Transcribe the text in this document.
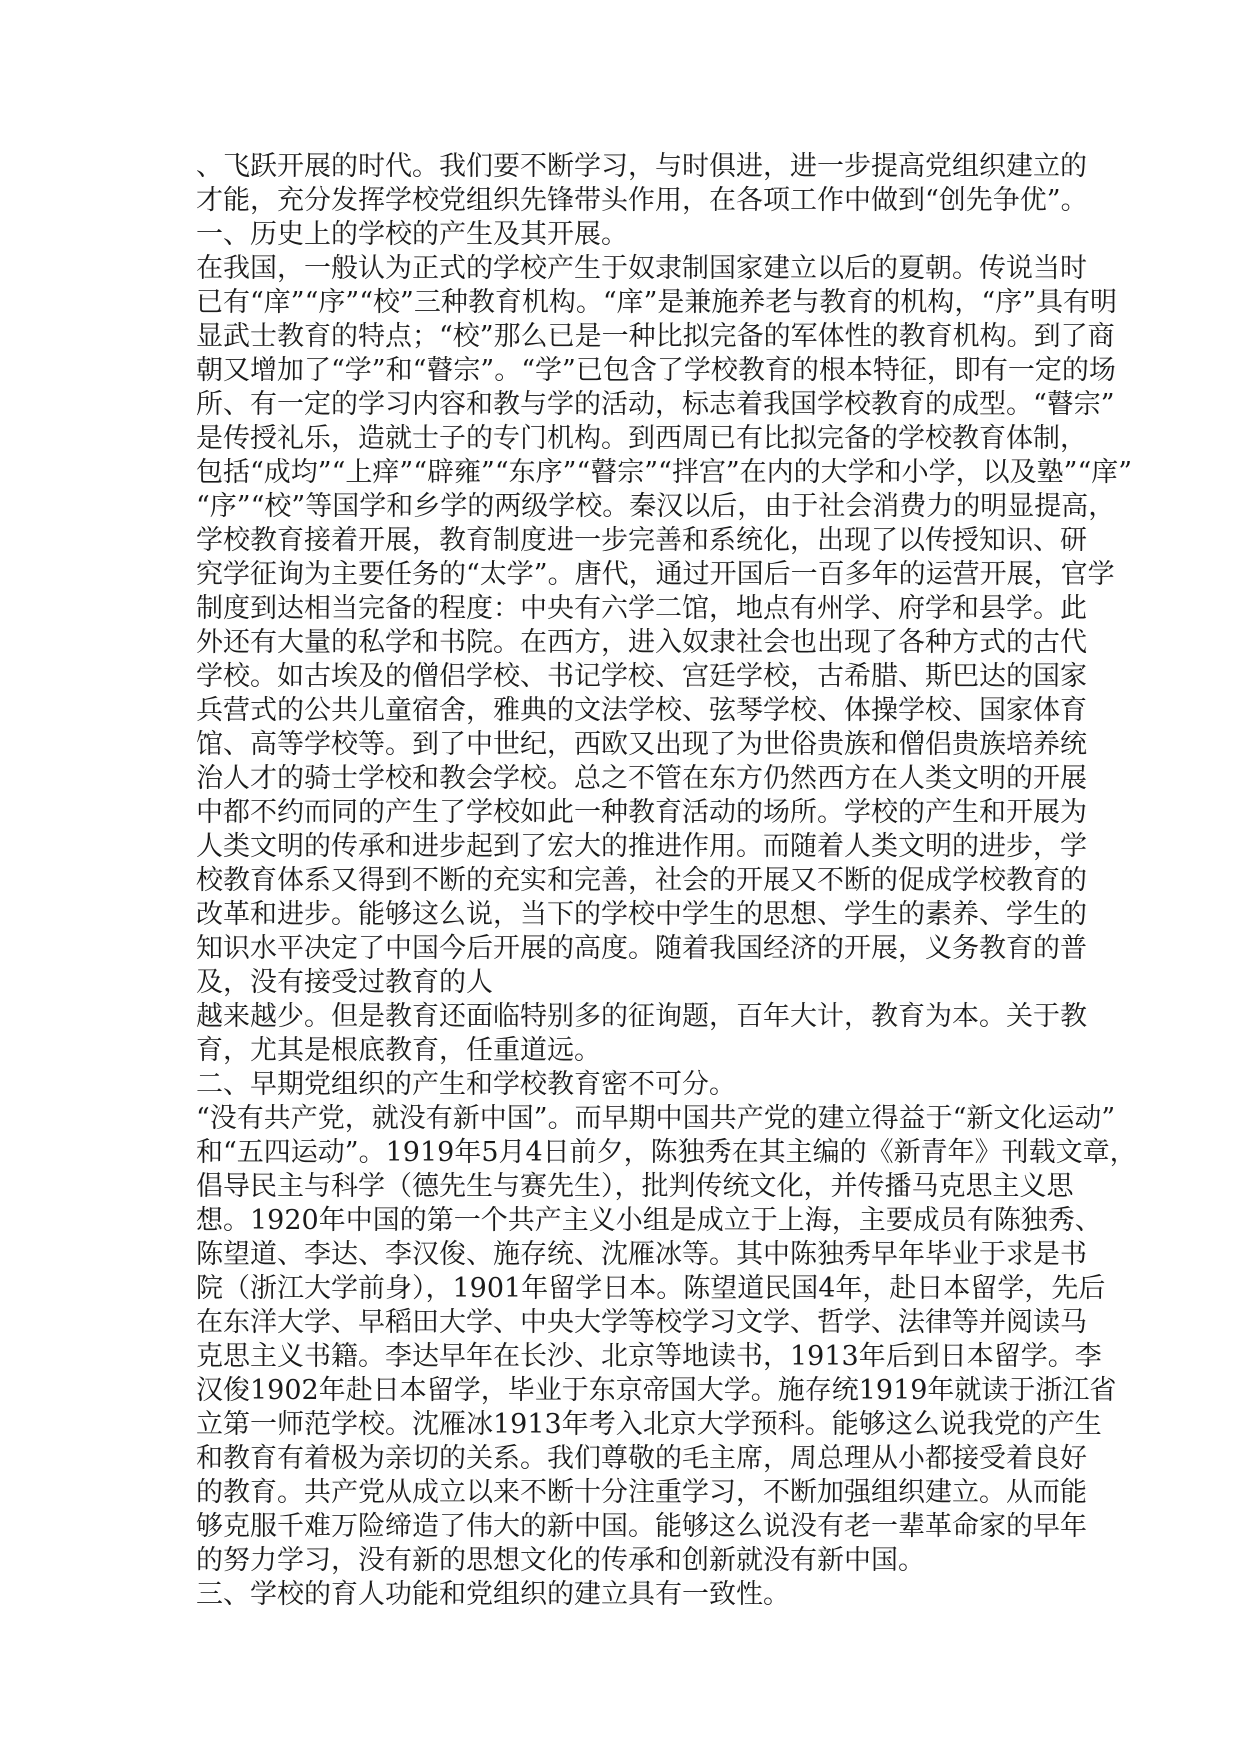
、飞跃开展的时代。我们要不断学习，与时俱进，进一步提高党组织建立的
才能，充分发挥学校党组织先锋带头作用，在各项工作中做到“创先争优”。
一、历史上的学校的产生及其开展。
在我国，一般认为正式的学校产生于奴隶制国家建立以后的夏朝。传说当时
已有“庠”“序”“校”三种教育机构。“庠”是兼施养老与教育的机构，“序”具有明
显武士教育的特点；“校”那么已是一种比拟完备的军体性的教育机构。到了商
朝又增加了“学”和“瞽宗”。“学”已包含了学校教育的根本特征，即有一定的场
所、有一定的学习内容和教与学的活动，标志着我国学校教育的成型。“瞽宗”
是传授礼乐，造就士子的专门机构。到西周已有比拟完备的学校教育体制，
包括“成均”“上痒”“辟雍”“东序”“瞽宗”“拌宫”在内的大学和小学，以及塾”“庠”
“序”“校”等国学和乡学的两级学校。秦汉以后，由于社会消费力的明显提高，
学校教育接着开展，教育制度进一步完善和系统化，出现了以传授知识、研
究学征询为主要任务的“太学”。唐代，通过开国后一百多年的运营开展，官学
制度到达相当完备的程度：中央有六学二馆，地点有州学、府学和县学。此
外还有大量的私学和书院。在西方，进入奴隶社会也出现了各种方式的古代
学校。如古埃及的僧侣学校、书记学校、宫廷学校，古希腊、斯巴达的国家
兵营式的公共儿童宿舍，雅典的文法学校、弦琴学校、体操学校、国家体育
馆、高等学校等。到了中世纪，西欧又出现了为世俗贵族和僧侣贵族培养统
治人才的骑士学校和教会学校。总之不管在东方仍然西方在人类文明的开展
中都不约而同的产生了学校如此一种教育活动的场所。学校的产生和开展为
人类文明的传承和进步起到了宏大的推进作用。而随着人类文明的进步，学
校教育体系又得到不断的充实和完善，社会的开展又不断的促成学校教育的
改革和进步。能够这么说，当下的学校中学生的思想、学生的素养、学生的
知识水平决定了中国今后开展的高度。随着我国经济的开展，义务教育的普
及，没有接受过教育的人
越来越少。但是教育还面临特别多的征询题，百年大计，教育为本。关于教
育，尤其是根底教育，任重道远。
二、早期党组织的产生和学校教育密不可分。
“没有共产党，就没有新中国”。而早期中国共产党的建立得益于“新文化运动”
和“五四运动”。1919年5月4日前夕，陈独秀在其主编的《新青年》刊载文章，
倡导民主与科学（德先生与赛先生），批判传统文化，并传播马克思主义思
想。1920年中国的第一个共产主义小组是成立于上海，主要成员有陈独秀、
陈望道、李达、李汉俊、施存统、沈雁冰等。其中陈独秀早年毕业于求是书
院（浙江大学前身），1901年留学日本。陈望道民国4年，赴日本留学，先后
在东洋大学、早稻田大学、中央大学等校学习文学、哲学、法律等并阅读马
克思主义书籍。李达早年在长沙、北京等地读书，1913年后到日本留学。李
汉俊1902年赴日本留学，毕业于东京帝国大学。施存统1919年就读于浙江省
立第一师范学校。沈雁冰1913年考入北京大学预科。能够这么说我党的产生
和教育有着极为亲切的关系。我们尊敬的毛主席，周总理从小都接受着良好
的教育。共产党从成立以来不断十分注重学习，不断加强组织建立。从而能
够克服千难万险缔造了伟大的新中国。能够这么说没有老一辈革命家的早年
的努力学习，没有新的思想文化的传承和创新就没有新中国。
三、学校的育人功能和党组织的建立具有一致性。
